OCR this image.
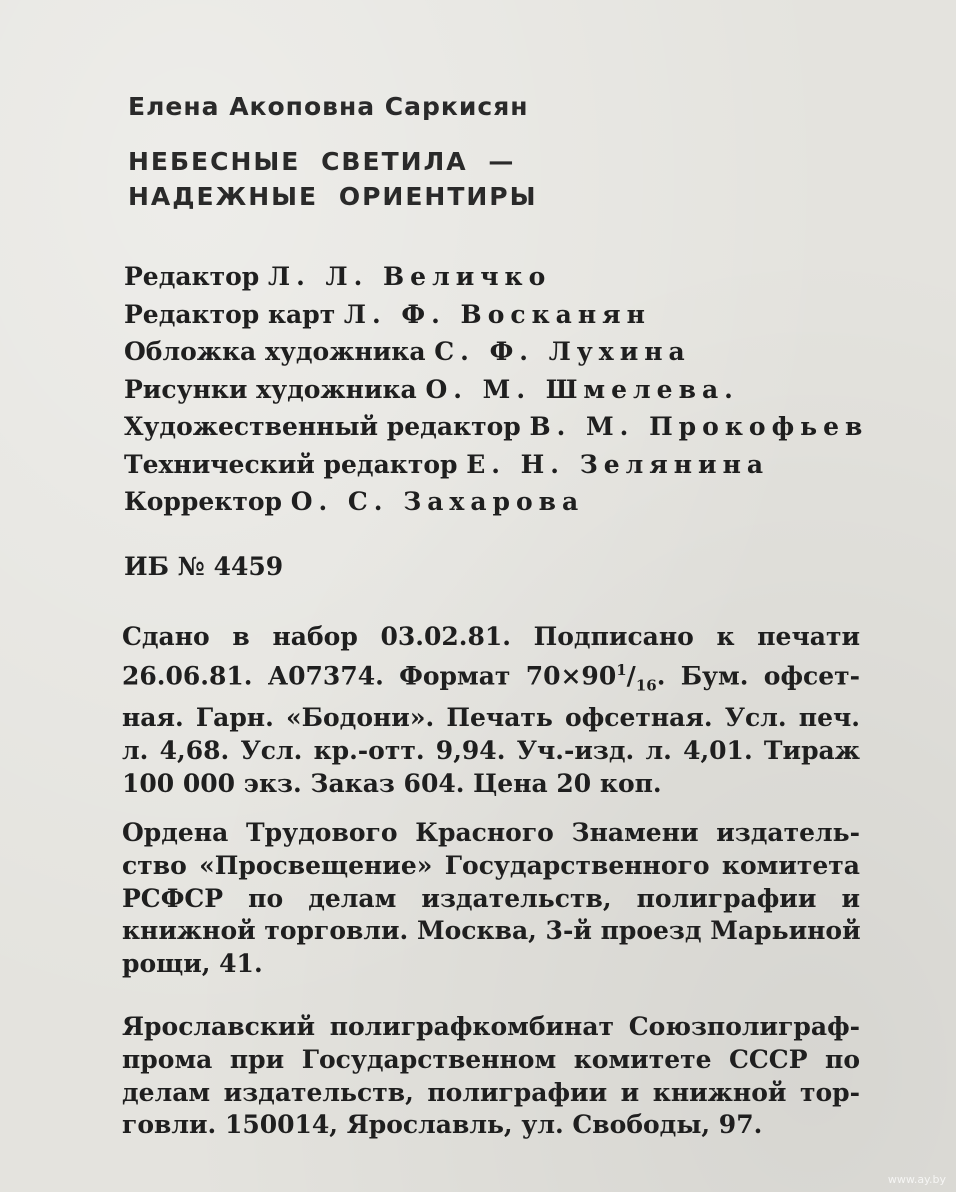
Елена Акоповна Саркисян
НЕБЕСНЫЕ СВЕТИЛА —
НАДЕЖНЫЕ ОРИЕНТИРЫ
Редактор Л. Л. Величко
Редактор карт Л. Ф. Восканян
Обложка художника С. Ф. Лухина
Рисунки художника О. М. Шмелева.
Художественный редактор В. М. Прокофьев
Технический редактор Е. Н. Зелянина
Корректор О. С. Захарова
ИБ № 4459
Сдано в набор 03.02.81. Подписано к печати
26.06.81. А07374. Формат $70\times 90^1/_{16}$. Бум. офсет-
ная. Гарн. «Бодони». Печать офсетная. Усл. печ.
л. 4,68. Усл. кр.-отт. 9,94. Уч.-изд. л. 4,01. Тираж
100 000 экз. Заказ 604. Цена 20 коп.
Ордена Трудового Красного Знамени издатель-
ство «Просвещение» Государственного комитета
РСФСР по делам издательств, полиграфии и
книжной торговли. Москва, 3-й проезд Марьиной
рощи, 41.
Ярославский полиграфкомбинат Союзполиграф-
прома при Государственном комитете СССР по
делам издательств, полиграфии и книжной тор-
говли. 150014, Ярославль, ул. Свободы, 97.
www.ay.by
